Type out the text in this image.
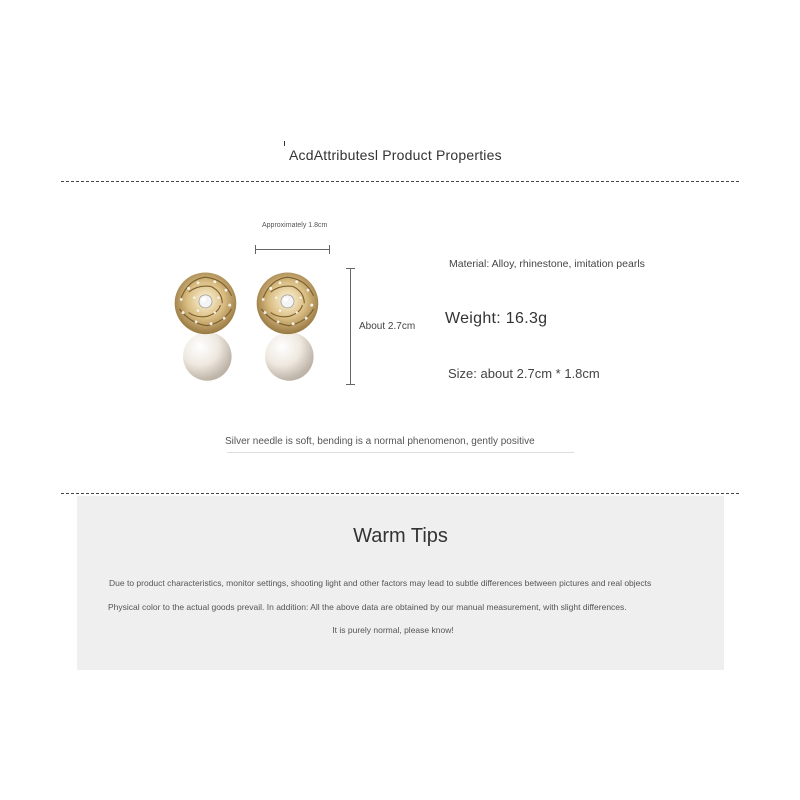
AcdAttributesl Product Properties
Approximately 1.8cm
About 2.7cm
Material: Alloy, rhinestone, imitation pearls
Weight: 16.3g
Size: about 2.7cm * 1.8cm
Silver needle is soft, bending is a normal phenomenon, gently positive
Warm Tips
Due to product characteristics, monitor settings, shooting light and other factors may lead to subtle differences between pictures and real objects
Physical color to the actual goods prevail. In addition: All the above data are obtained by our manual measurement, with slight differences.
It is purely normal, please know!
